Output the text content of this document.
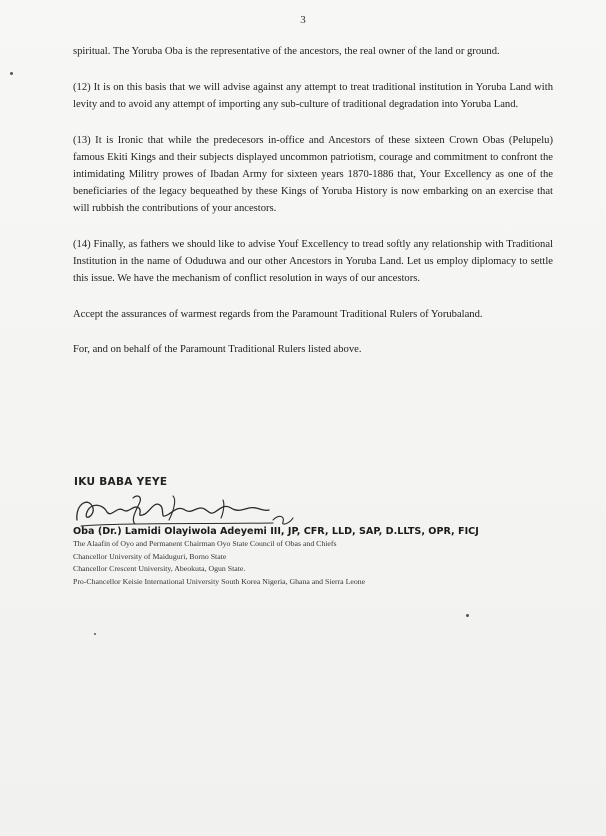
3

spiritual. The Yoruba Oba is the representative of the ancestors, the real owner of the land or ground.

(12) It is on this basis that we will advise against any attempt to treat traditional institution in Yoruba Land with levity and to avoid any attempt of importing any sub-culture of traditional degradation into Yoruba Land.

(13) It is Ironic that while the predecesors in-office and Ancestors of these sixteen Crown Obas (Pelupelu) famous Ekiti Kings and their subjects displayed uncommon patriotism, courage and commitment to confront the intimidating Militry prowes of Ibadan Army for sixteen years 1870-1886 that, Your Excellency as one of the beneficiaries of the legacy bequeathed by these Kings of Yoruba History is now embarking on an exercise that will rubbish the contributions of your ancestors.

(14) Finally, as fathers we should like to advise Youf Excellency to tread softly any relationship with Traditional Institution in the name of Oduduwa and our other Ancestors in Yoruba Land. Let us employ diplomacy to settle this issue. We have the mechanism of conflict resolution in ways of our ancestors.

Accept the assurances of warmest regards from the Paramount Traditional Rulers of Yorubaland.

For, and on behalf of the Paramount Traditional Rulers listed above.

IKU BABA YEYE
Oba (Dr.) Lamidi Olayiwola Adeyemi III, JP, CFR, LLD, SAP, D.LLTS, OPR, FICJ
The Alaafin of Oyo and Permanent Chairman Oyo State Council of Obas and Chiefs
Chancellor University of Maiduguri, Borno State
Chancellor Crescent University, Abeokuta, Ogun State.
Pro-Chancellor Keisie International University South Korea Nigeria, Ghana and Sierra Leone
